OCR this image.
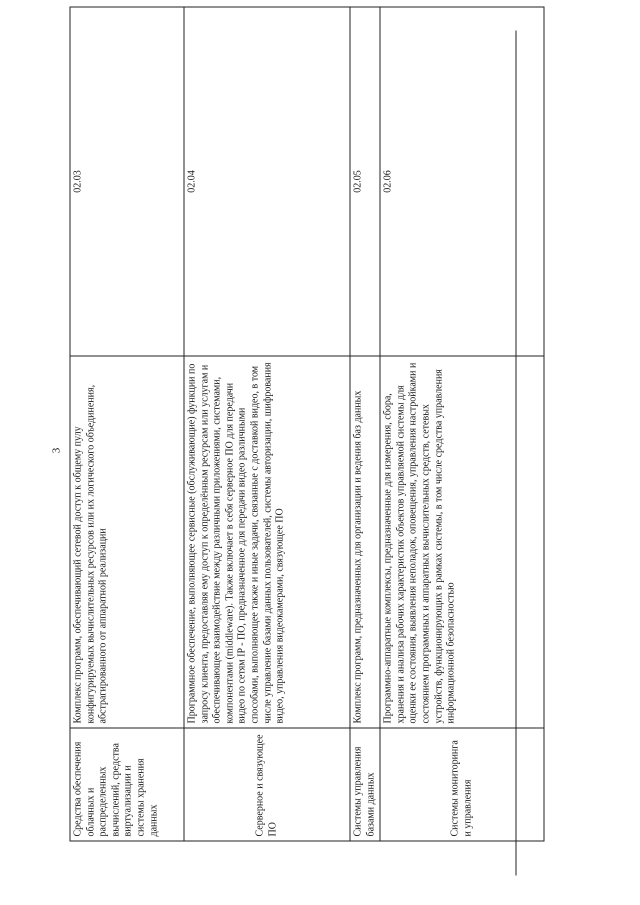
3
Средства обеспечения облачных и распределенных вычислений, средства виртуализации и системы хранения данных	Комплекс программ, обеспечивающий сетевой доступ к общему пулу конфигурируемых вычислительных ресурсов или их логического объединения, абстрагированного от аппаратной реализации	02.03

Серверное и связующее ПО	Программное обеспечение, выполняющее сервисные (обслуживающие) функции по запросу клиента, предоставляя ему доступ к определённым ресурсам или услугам и обеспечивающее взаимодействие между различными приложениями, системами, компонентами (middleware). Также включает в себя серверное ПО для передачи видео по сетям IP - ПО, предназначенное для передачи видео различными способами, выполняющее также и иные задачи, связанные с доставкой видео, в том числе управление базами данных пользователей, системы авторизации, шифрования видео, управления видеокамерами, связующее ПО	02.04

Системы управления базами данных	Комплекс программ, предназначенных для организации и ведения баз данных	02.05

Системы мониторинга и управления	Программно-аппаратные комплексы, предназначенные для измерения, сбора, хранения и анализа рабочих характеристик объектов управляемой системы для оценки ее состояния, выявления неполадок, оповещения, управления настройками и состоянием программных и аппаратных вычислительных средств, сетевых устройств, функционирующих в рамках системы, в том числе средства управления информационной безопасностью	02.06
